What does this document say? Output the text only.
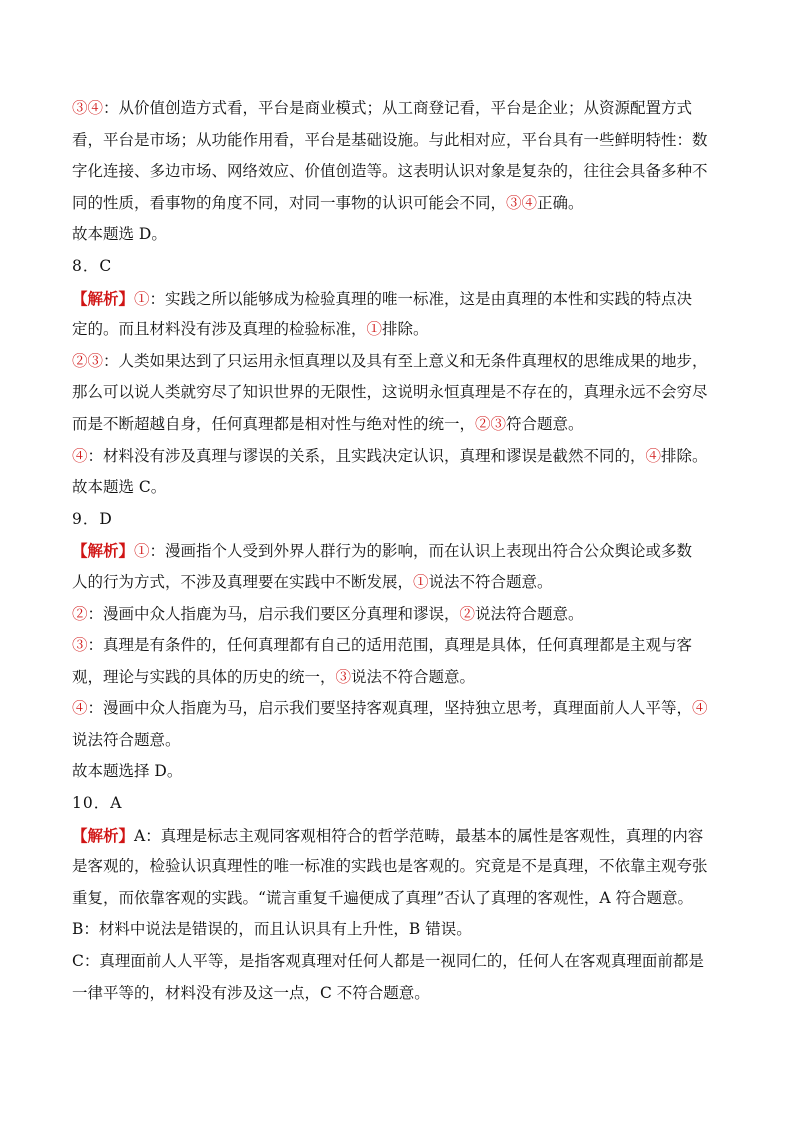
③④：从价值创造方式看，平台是商业模式；从工商登记看，平台是企业；从资源配置方式
看，平台是市场；从功能作用看，平台是基础设施。与此相对应，平台具有一些鲜明特性：数
字化连接、多边市场、网络效应、价值创造等。这表明认识对象是复杂的，往往会具备多种不
同的性质，看事物的角度不同，对同一事物的认识可能会不同，③④正确。
故本题选 D。
8．C
【解析】①：实践之所以能够成为检验真理的唯一标准，这是由真理的本性和实践的特点决
定的。而且材料没有涉及真理的检验标准，①排除。
②③：人类如果达到了只运用永恒真理以及具有至上意义和无条件真理权的思维成果的地步，
那么可以说人类就穷尽了知识世界的无限性，这说明永恒真理是不存在的，真理永远不会穷尽
而是不断超越自身，任何真理都是相对性与绝对性的统一，②③符合题意。
④：材料没有涉及真理与谬误的关系，且实践决定认识，真理和谬误是截然不同的，④排除。
故本题选 C。
9．D
【解析】①：漫画指个人受到外界人群行为的影响，而在认识上表现出符合公众舆论或多数
人的行为方式，不涉及真理要在实践中不断发展，①说法不符合题意。
②：漫画中众人指鹿为马，启示我们要区分真理和谬误，②说法符合题意。
③：真理是有条件的，任何真理都有自己的适用范围，真理是具体，任何真理都是主观与客
观，理论与实践的具体的历史的统一，③说法不符合题意。
④：漫画中众人指鹿为马，启示我们要坚持客观真理，坚持独立思考，真理面前人人平等，④
说法符合题意。
故本题选择 D。
10．A
【解析】A：真理是标志主观同客观相符合的哲学范畴，最基本的属性是客观性，真理的内容
是客观的，检验认识真理性的唯一标准的实践也是客观的。究竟是不是真理，不依靠主观夸张
重复，而依靠客观的实践。“谎言重复千遍便成了真理”否认了真理的客观性，A 符合题意。
B：材料中说法是错误的，而且认识具有上升性，B 错误。
C：真理面前人人平等，是指客观真理对任何人都是一视同仁的，任何人在客观真理面前都是
一律平等的，材料没有涉及这一点，C 不符合题意。
